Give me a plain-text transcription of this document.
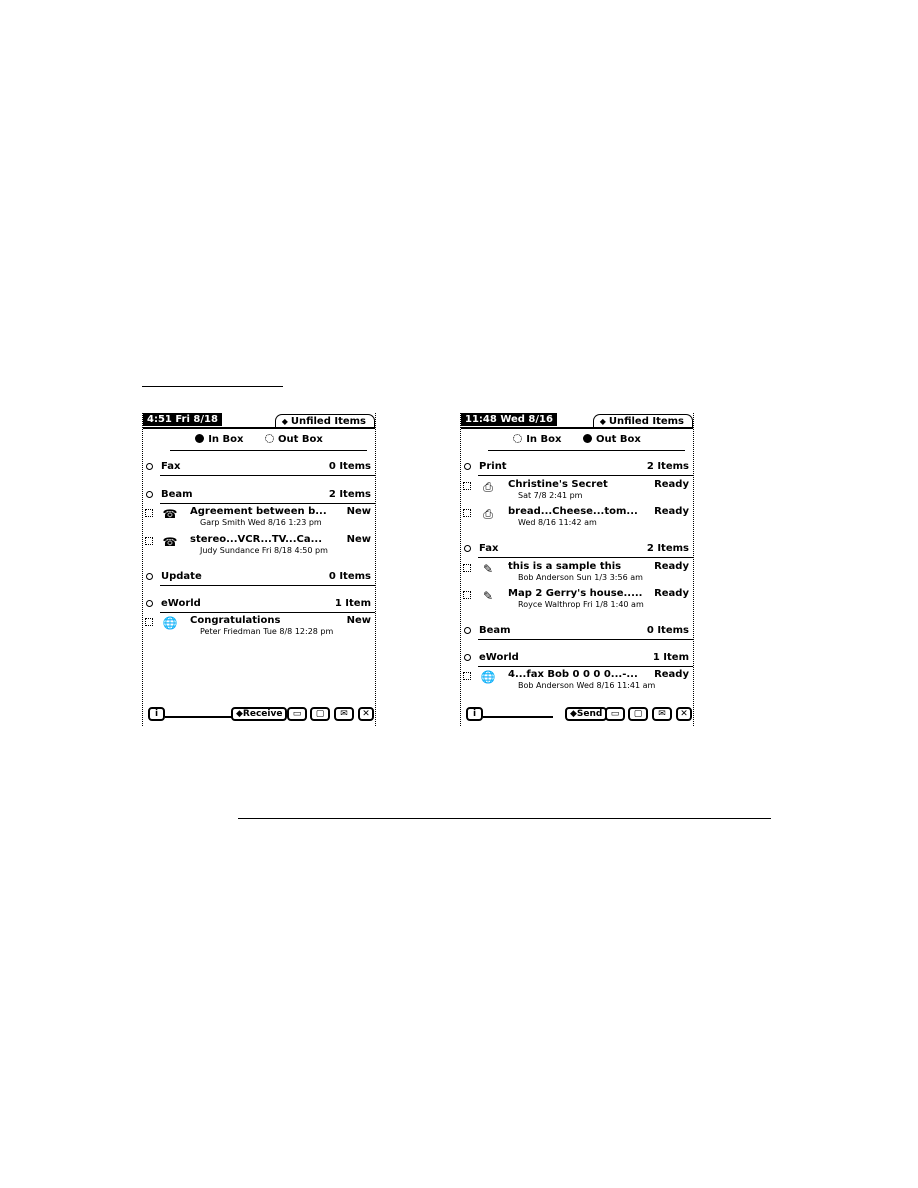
4:51 Fri 8/18	◆ Unfiled Items
In Box	Out Box
Fax	0 Items
Beam	2 Items
☎ Agreement between b... New
Garp Smith Wed 8/16 1:23 pm
☎ stereo...VCR...TV...Ca... New
Judy Sundance Fri 8/18 4:50 pm
Update	0 Items
eWorld	1 Item
🌐 Congratulations	New
Peter Friedman Tue 8/8 12:28 pm
i	◆Receive	▭	▢	✉	✕
11:48 Wed 8/16	◆ Unfiled Items
In Box	Out Box
Print	2 Items
⎙	Christine's Secret	Ready
Sat 7/8 2:41 pm
⎙	bread...Cheese...tom... Ready
Wed 8/16 11:42 am
Fax	2 Items
✎	this is a sample this	Ready
Bob Anderson Sun 1/3 3:56 am
✎	Map 2 Gerry's house..... Ready
Royce Walthrop Fri 1/8 1:40 am
Beam	0 Items
eWorld	1 Item
🌐 4...fax Bob 0 0 0 0...-... Ready
Bob Anderson Wed 8/16 11:41 am
i	◆Send ▭	▢	✉	✕
